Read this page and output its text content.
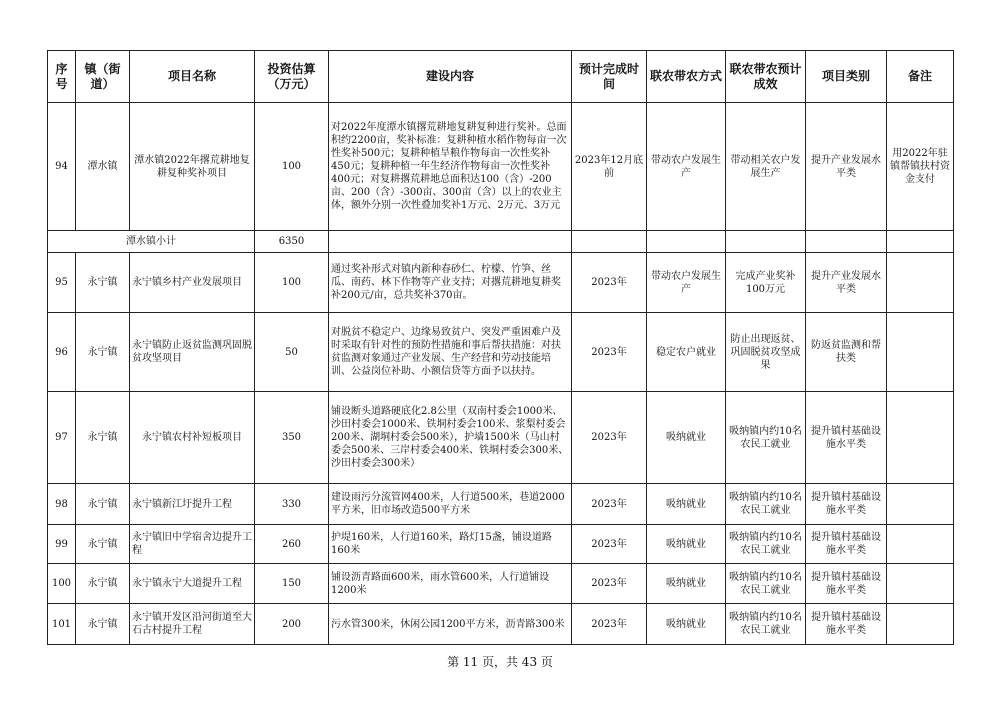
序号	镇（街道）	项目名称	投资估算（万元）	建设内容	预计完成时间	联农带农方式	联农带农预计成效	项目类别	备注
94	潭水镇	潭水镇2022年撂荒耕地复耕复种奖补项目	100	对2022年度潭水镇撂荒耕地复耕复种进行奖补。总面积约2200亩，奖补标准：复耕种植水稻作物每亩一次性奖补500元；复耕种植旱粮作物每亩一次性奖补450元；复耕种植一年生经济作物每亩一次性奖补400元；对复耕撂荒耕地总面积达100（含）-200亩、200（含）-300亩、300亩（含）以上的农业主体，额外分别一次性叠加奖补1万元、2万元、3万元	2023年12月底前	带动农户发展生产	带动相关农户发展生产	提升产业发展水平类	用2022年驻镇帮镇扶村资金支付
潭水镇小计			6350						
95	永宁镇	永宁镇乡村产业发展项目	100	通过奖补形式对镇内新种春砂仁、柠檬、竹笋、丝瓜、南药、林下作物等产业支持；对撂荒耕地复耕奖补200元/亩，总共奖补370亩。	2023年	带动农户发展生产	完成产业奖补100万元	提升产业发展水平类	
96	永宁镇	永宁镇防止返贫监测巩固脱贫攻坚项目	50	对脱贫不稳定户、边缘易致贫户、突发严重困难户及时采取有针对性的预防性措施和事后帮扶措施：对扶贫监测对象通过产业发展、生产经营和劳动技能培训、公益岗位补助、小额信贷等方面予以扶持。	2023年	稳定农户就业	防止出现返贫、巩固脱贫攻坚成果	防返贫监测和帮扶类	
97	永宁镇	永宁镇农村补短板项目	350	铺设断头道路硬底化2.8公里（双南村委会1000米、沙田村委会1000米、铁垌村委会100米、浆梨村委会200米、湖垌村委会500米），护墙1500米（马山村委会500米、三岸村委会400米、铁垌村委会300米、沙田村委会300米）	2023年	吸纳就业	吸纳镇内约10名农民工就业	提升镇村基础设施水平类	
98	永宁镇	永宁镇新江圩提升工程	330	建设雨污分流管网400米，人行道500米，巷道2000平方米，旧市场改造500平方米	2023年	吸纳就业	吸纳镇内约10名农民工就业	提升镇村基础设施水平类	
99	永宁镇	永宁镇旧中学宿舍边提升工程	260	护堤160米，人行道160米，路灯15盏，铺设道路160米	2023年	吸纳就业	吸纳镇内约10名农民工就业	提升镇村基础设施水平类	
100	永宁镇	永宁镇永宁大道提升工程	150	铺设沥青路面600米，雨水管600米，人行道铺设1200米	2023年	吸纳就业	吸纳镇内约10名农民工就业	提升镇村基础设施水平类	
101	永宁镇	永宁镇开发区沿河街道至大石古村提升工程	200	污水管300米，休闲公园1200平方米，沥青路300米	2023年	吸纳就业	吸纳镇内约10名农民工就业	提升镇村基础设施水平类	
第 11 页，共 43 页
